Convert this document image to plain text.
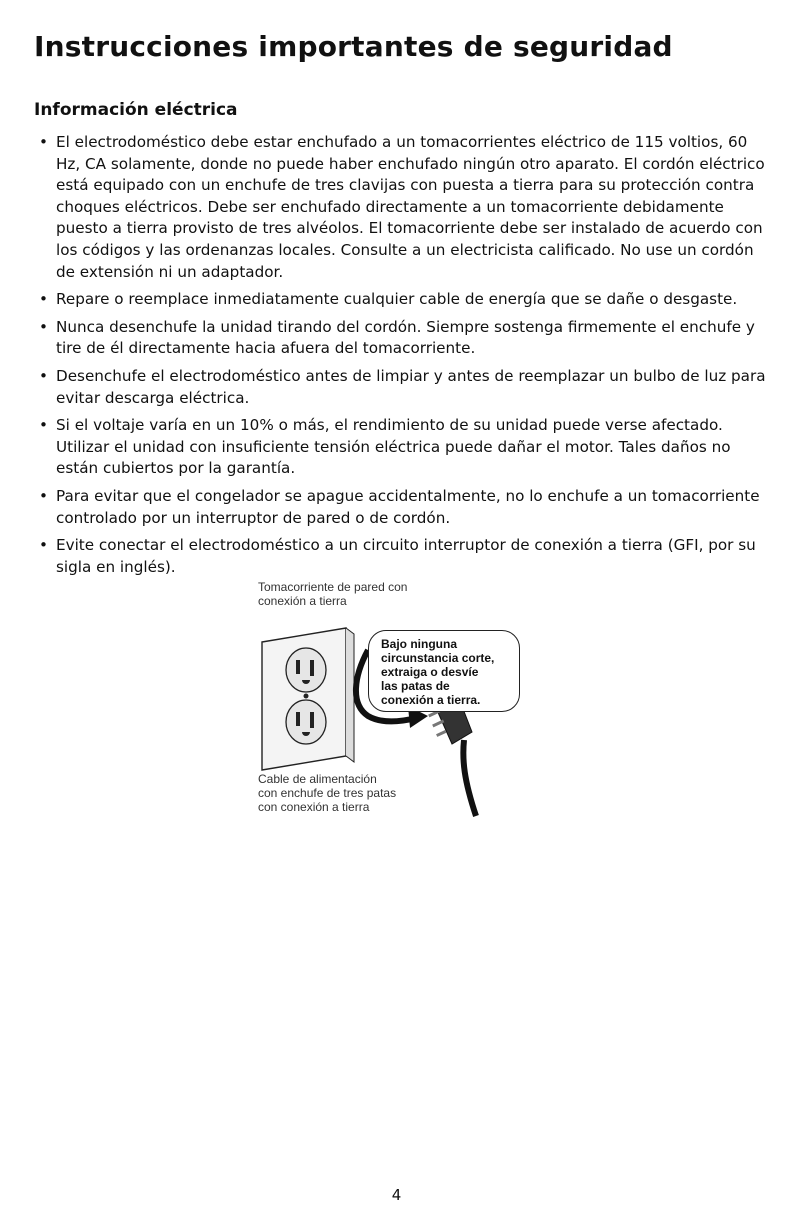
Instrucciones importantes de seguridad
Información eléctrica
• El electrodoméstico debe estar enchufado a un tomacorrientes eléctrico de 115 voltios, 60 Hz, CA solamente, donde no puede haber enchufado ningún otro aparato. El cordón eléctrico está equipado con un enchufe de tres clavijas con puesta a tierra para su protección contra choques eléctricos. Debe ser enchufado directamente a un tomacorriente debidamente puesto a tierra provisto de tres alvéolos. El tomacorriente debe ser instalado de acuerdo con los códigos y las ordenanzas locales. Consulte a un electricista calificado. No use un cordón de extensión ni un adaptador.
• Repare o reemplace inmediatamente cualquier cable de energía que se dañe o desgaste.
• Nunca desenchufe la unidad tirando del cordón. Siempre sostenga firmemente el enchufe y tire de él directamente hacia afuera del tomacorriente.
• Desenchufe el electrodoméstico antes de limpiar y antes de reemplazar un bulbo de luz para evitar descarga eléctrica.
• Si el voltaje varía en un 10% o más, el rendimiento de su unidad puede verse afectado. Utilizar el unidad con insuficiente tensión eléctrica puede dañar el motor. Tales daños no están cubiertos por la garantía.
• Para evitar que el congelador se apague accidentalmente, no lo enchufe a un tomacorriente controlado por un interruptor de pared o de cordón.
• Evite conectar el electrodoméstico a un circuito interruptor de conexión a tierra (GFI, por su sigla en inglés).
Tomacorriente de pared con
conexión a tierra
Bajo ninguna
circunstancia corte,
extraiga o desvíe
las patas de
conexión a tierra.
Cable de alimentación
con enchufe de tres patas
con conexión a tierra
4
